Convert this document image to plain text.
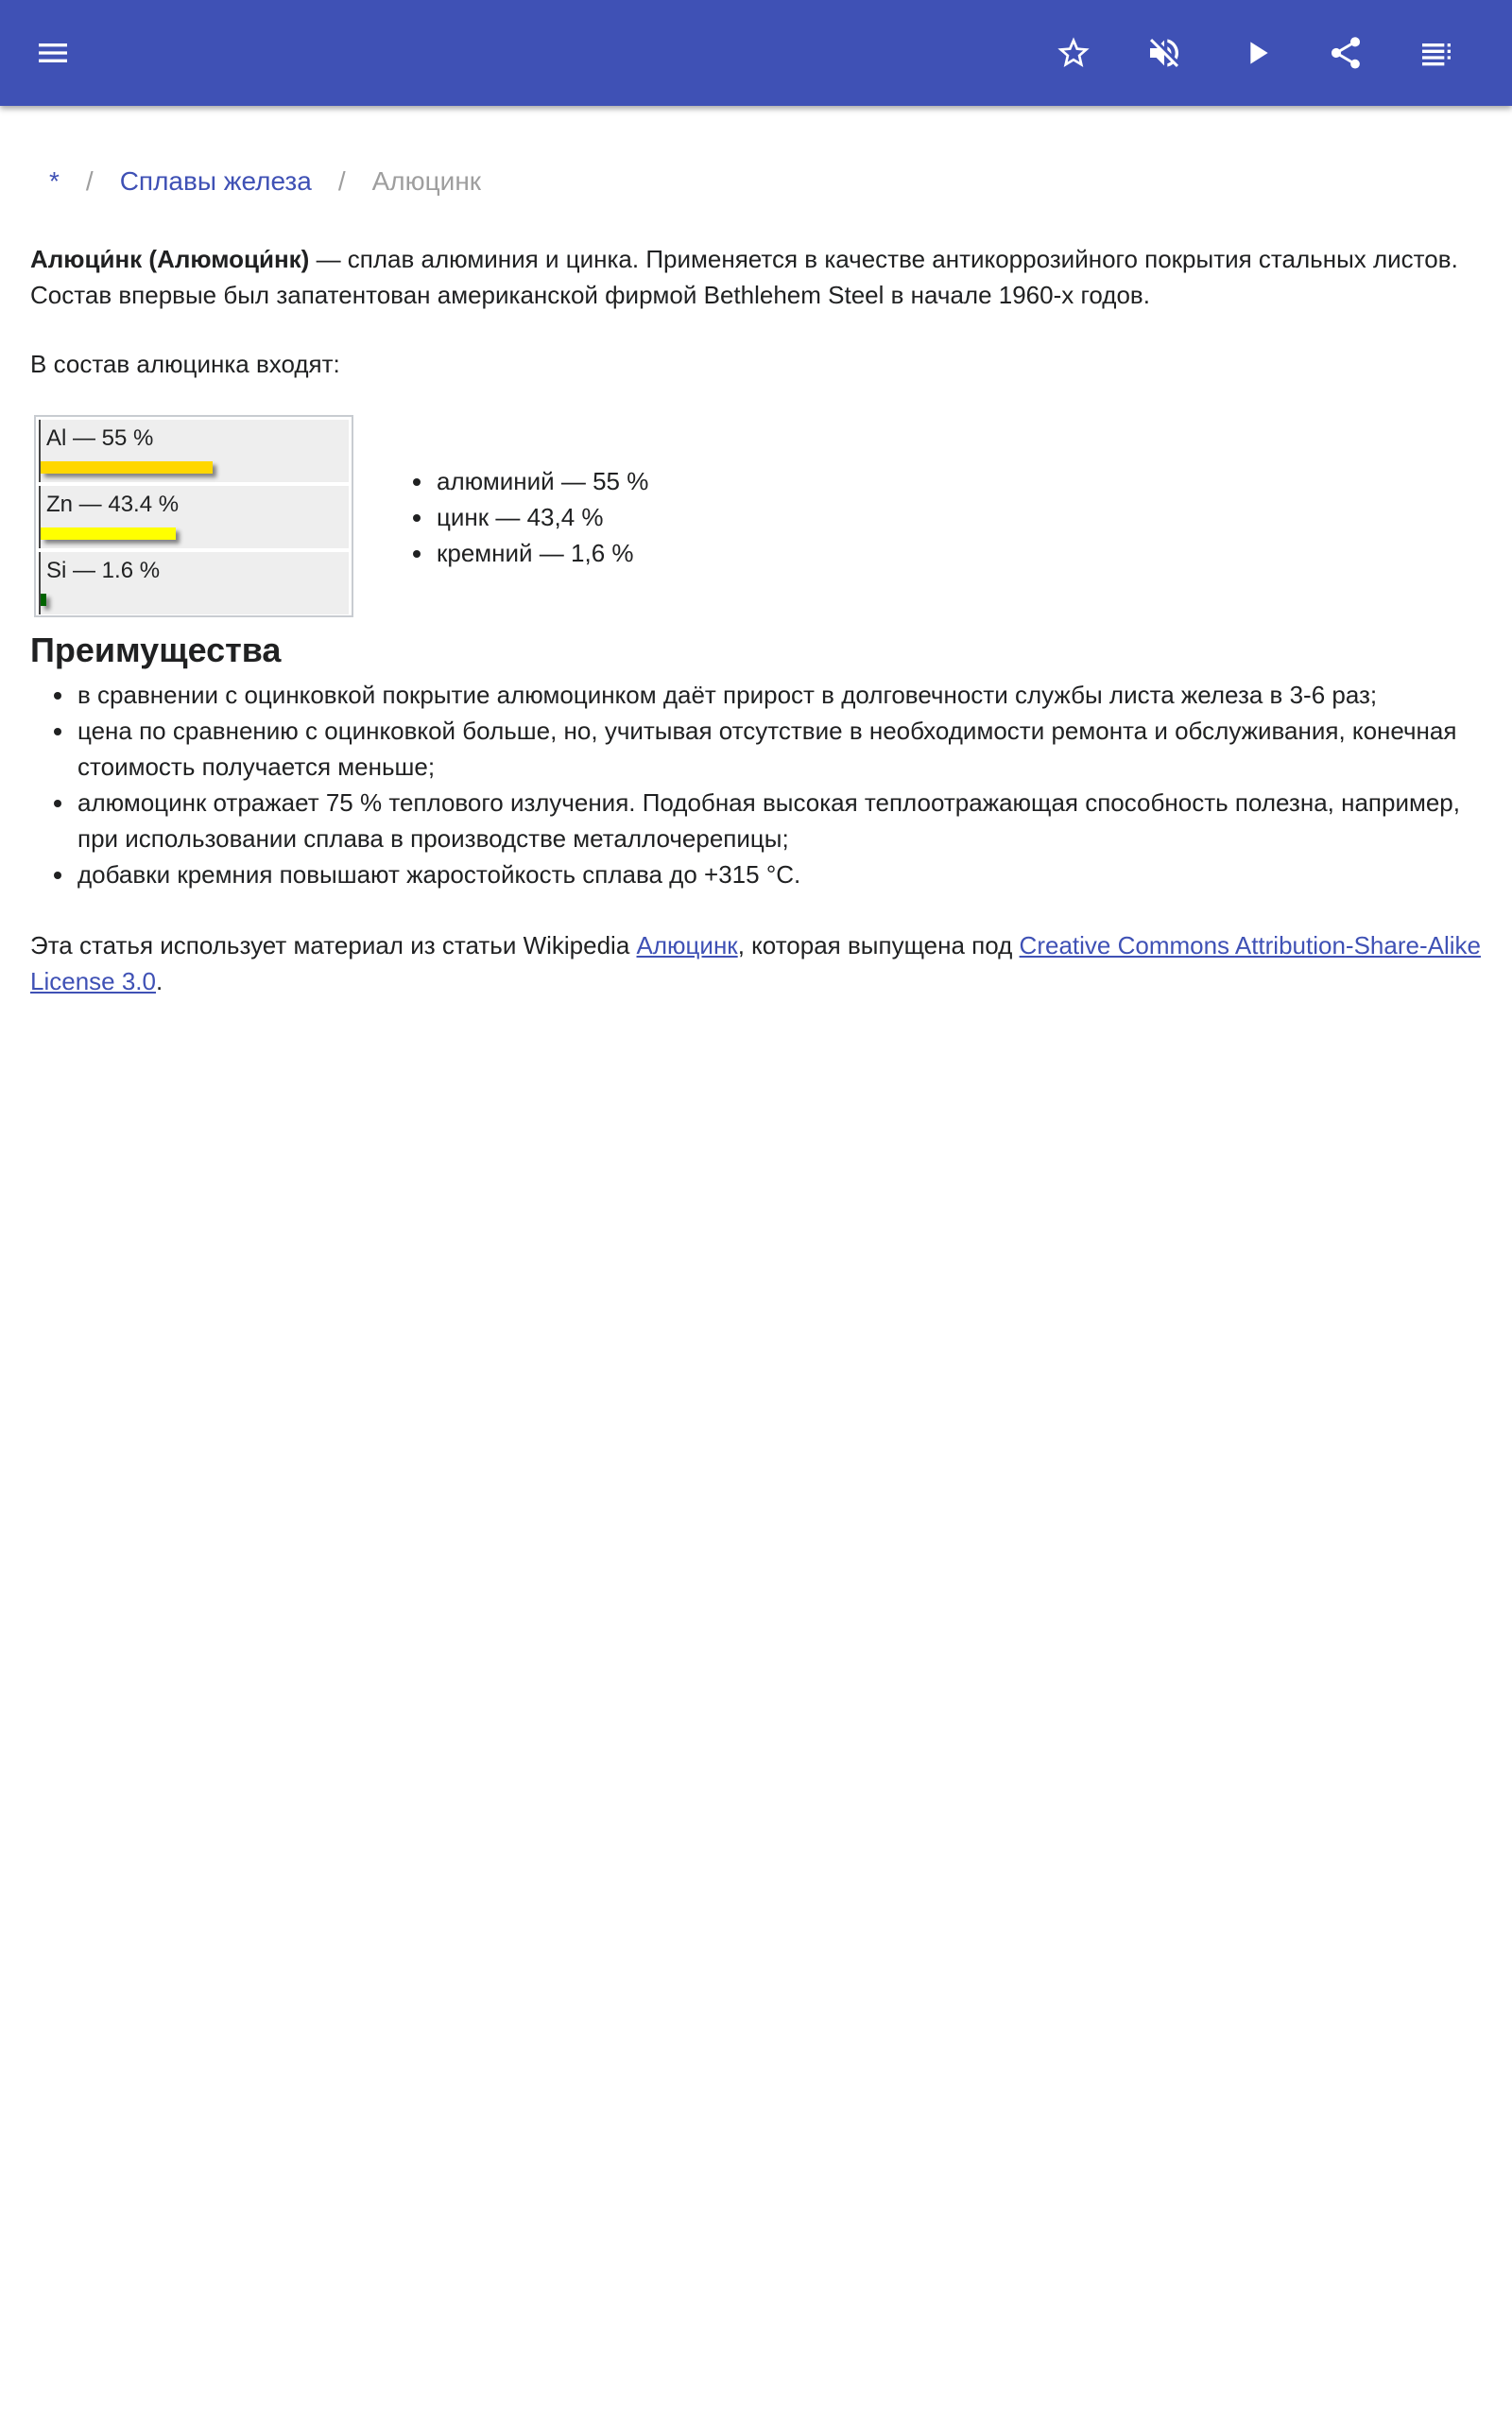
* / Сплавы железа / Алюцинк

Алюци́нк (Алюмоци́нк) — сплав алюминия и цинка. Применяется в качестве антикоррозийного покрытия стальных листов.
Состав впервые был запатентован американской фирмой Bethlehem Steel в начале 1960-х годов.

В состав алюцинка входят:

Al — 55 %
Zn — 43.4 %
Si — 1.6 %
• алюминий — 55 %
• цинк — 43,4 %
• кремний — 1,6 %
Преимущества
• в сравнении с оцинковкой покрытие алюмоцинком даёт прирост в долговечности службы листа железа в 3-6 раз;
• цена по сравнению с оцинковкой больше, но, учитывая отсутствие в необходимости ремонта и обслуживания, конечная стоимость получается меньше;
• алюмоцинк отражает 75 % теплового излучения. Подобная высокая теплоотражающая способность полезна, например, при использовании сплава в производстве металлочерепицы;
• добавки кремния повышают жаростойкость сплава до +315 °C.

Эта статья использует материал из статьи Wikipedia Алюцинк, которая выпущена под Creative Commons Attribution-Share-Alike License 3.0.
